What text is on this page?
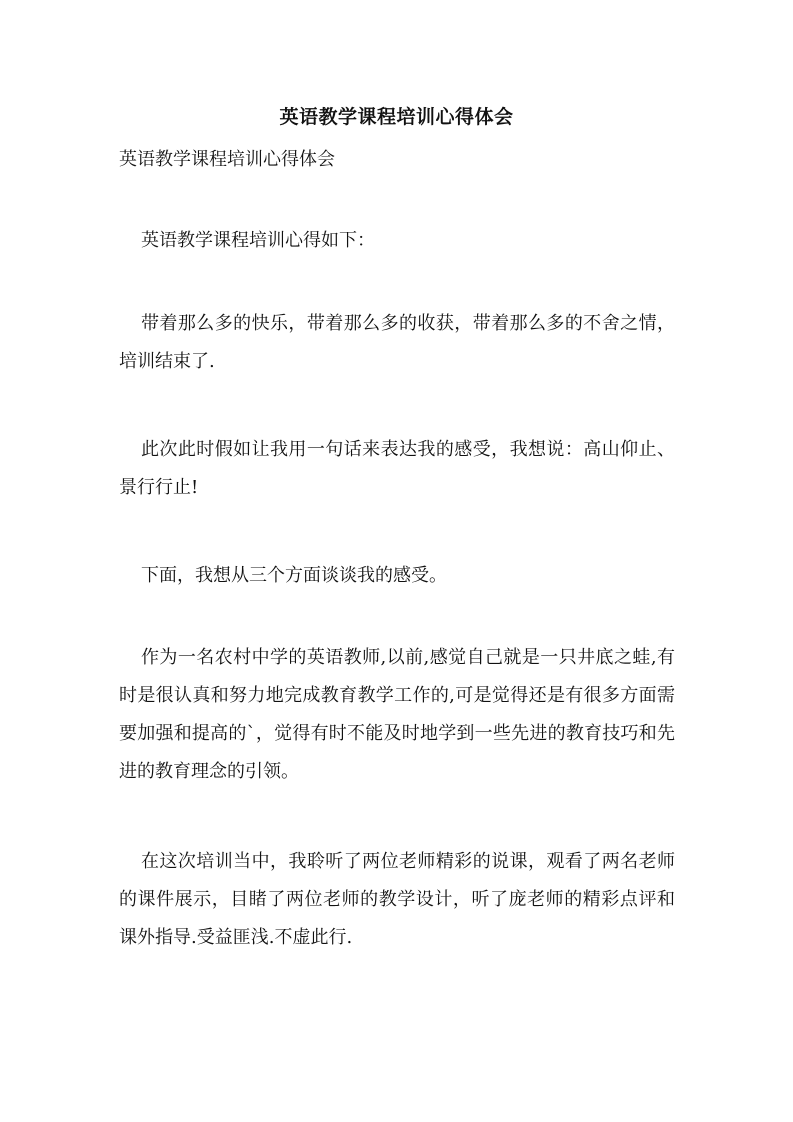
英语教学课程培训心得体会
英语教学课程培训心得体会

英语教学课程培训心得如下：

带着那么多的快乐，带着那么多的收获，带着那么多的不舍之情，培训结束了.

此次此时假如让我用一句话来表达我的感受，我想说：高山仰止、景行行止!

下面，我想从三个方面谈谈我的感受。

作为一名农村中学的英语教师,以前,感觉自己就是一只井底之蛙,有时是很认真和努力地完成教育教学工作的,可是觉得还是有很多方面需要加强和提高的`，觉得有时不能及时地学到一些先进的教育技巧和先进的教育理念的引领。

在这次培训当中，我聆听了两位老师精彩的说课，观看了两名老师的课件展示，目睹了两位老师的教学设计，听了庞老师的精彩点评和课外指导.受益匪浅.不虚此行.
